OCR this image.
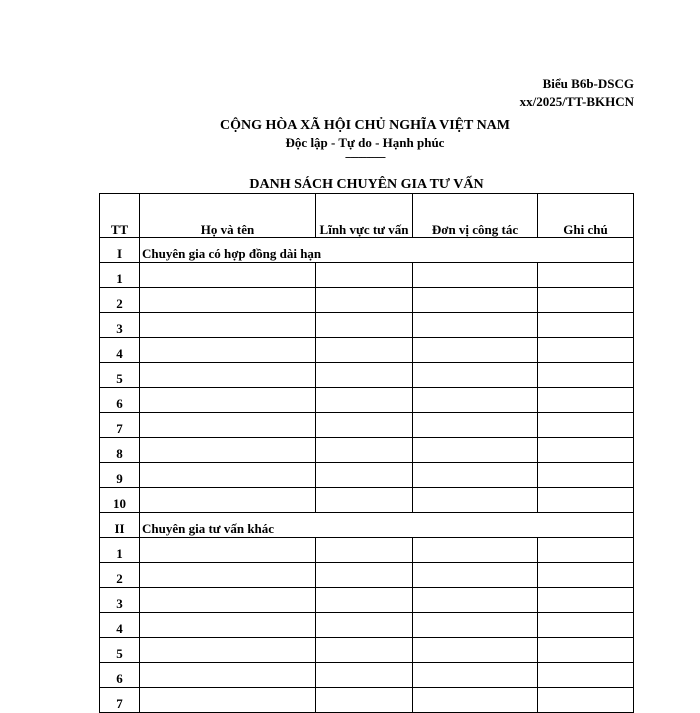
Biểu B6b-DSCG
xx/2025/TT-BKHCN
CỘNG HÒA XÃ HỘI CHỦ NGHĨA VIỆT NAM
Độc lập - Tự do - Hạnh phúc
---------------
DANH SÁCH CHUYÊN GIA TƯ VẤN
TT	Họ và tên	Lĩnh vực tư vấn	Đơn vị công tác	Ghi chú
I	Chuyên gia có hợp đồng dài hạn			
1				
2				
3				
4				
5				
6				
7				
8				
9				
10				
II	Chuyên gia tư vấn khác			
1				
2				
3				
4				
5				
6				
7				
